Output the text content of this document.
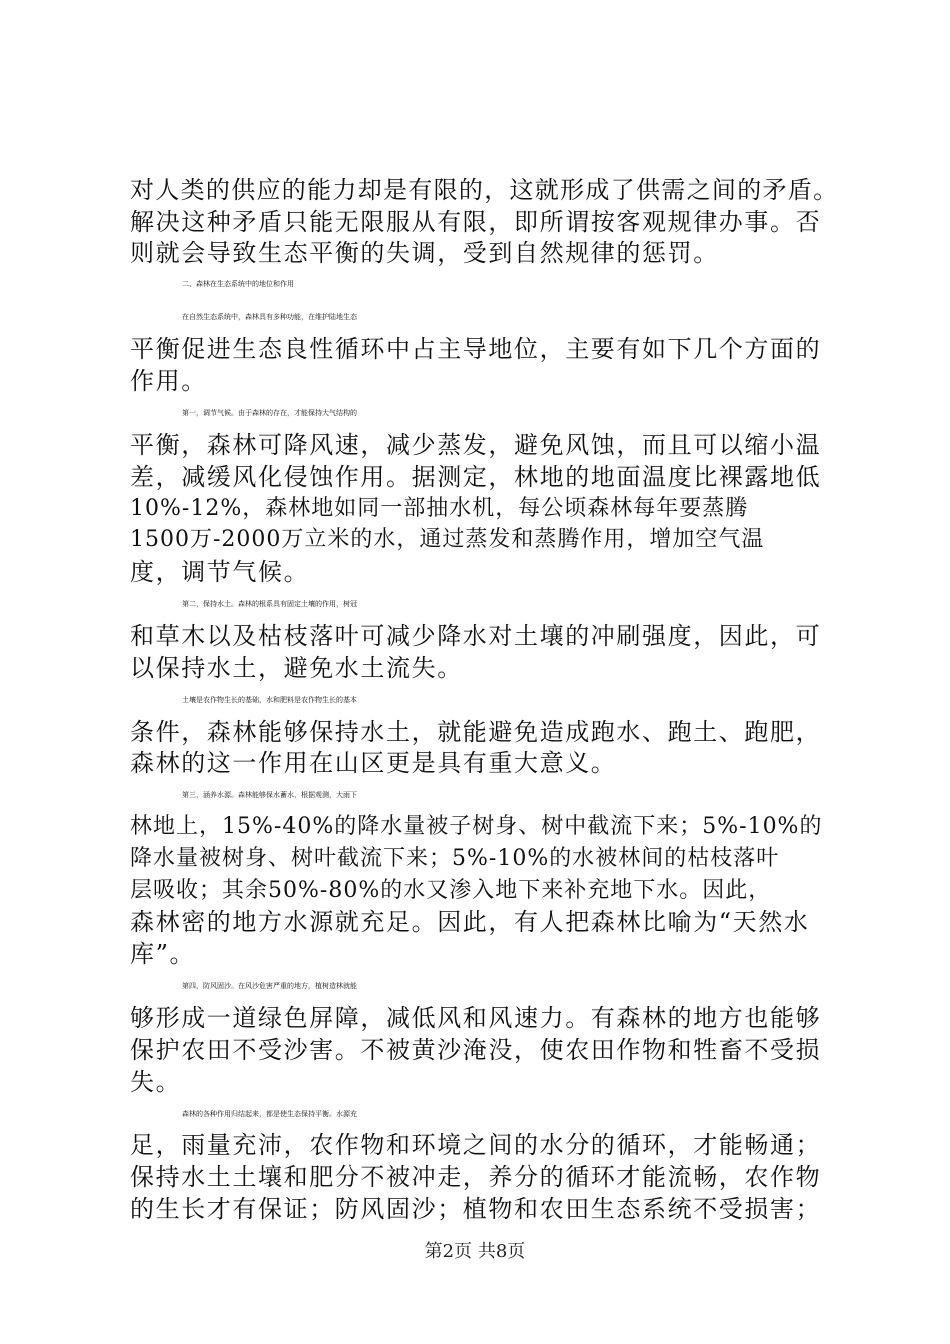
对人类的供应的能力却是有限的，这就形成了供需之间的矛盾。
解决这种矛盾只能无限服从有限，即所谓按客观规律办事。否
则就会导致生态平衡的失调，受到自然规律的惩罚。
二、森林在生态系统中的地位和作用
在自然生态系统中，森林具有多种功能，在维护陆地生态
平衡促进生态良性循环中占主导地位，主要有如下几个方面的
作用。
第一，调节气候。由于森林的存在，才能保持大气结构的
平衡，森林可降风速，减少蒸发，避免风蚀，而且可以缩小温
差，减缓风化侵蚀作用。据测定，林地的地面温度比裸露地低
10%-12%，森林地如同一部抽水机，每公顷森林每年要蒸腾
1500万-2000万立米的水，通过蒸发和蒸腾作用，增加空气温
度，调节气候。
第二，保持水土。森林的根系具有固定土壤的作用，树冠
和草木以及枯枝落叶可减少降水对土壤的冲刷强度，因此，可
以保持水土，避免水土流失。
土壤是农作物生长的基础，水和肥料是农作物生长的基本
条件，森林能够保持水土，就能避免造成跑水、跑土、跑肥，
森林的这一作用在山区更是具有重大意义。
第三，涵养水源。森林能够保水蓄水，根据观测，大雨下
林地上，15%-40%的降水量被子树身、树中截流下来；5%-10%的
降水量被树身、树叶截流下来；5%-10%的水被林间的枯枝落叶
层吸收；其余50%-80%的水又渗入地下来补充地下水。因此，
森林密的地方水源就充足。因此，有人把森林比喻为“天然水
库”。
第四，防风固沙。在风沙危害严重的地方，植树造林就能
够形成一道绿色屏障，减低风和风速力。有森林的地方也能够
保护农田不受沙害。不被黄沙淹没，使农田作物和牲畜不受损
失。
森林的各种作用归结起来，都是使生态保持平衡。水源充
足，雨量充沛，农作物和环境之间的水分的循环，才能畅通；
保持水土土壤和肥分不被冲走，养分的循环才能流畅，农作物
的生长才有保证；防风固沙；植物和农田生态系统不受损害；
第2页 共8页
